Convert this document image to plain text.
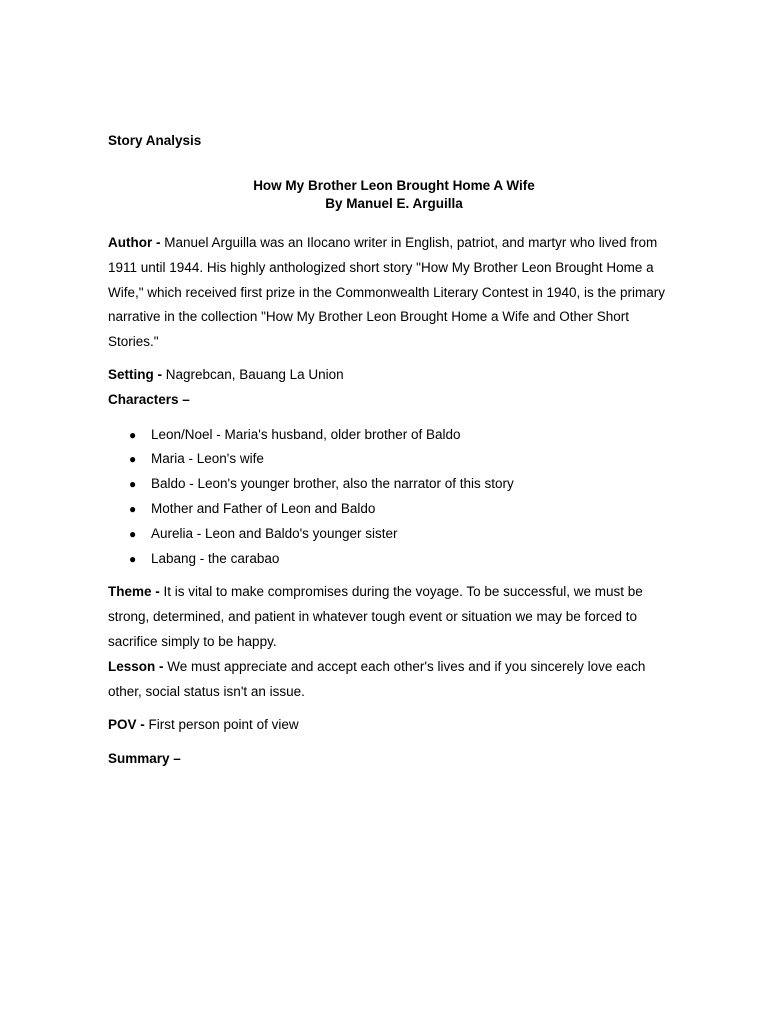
Story Analysis

How My Brother Leon Brought Home A Wife
By Manuel E. Arguilla

Author - Manuel Arguilla was an Ilocano writer in English, patriot, and martyr who lived from 1911 until 1944. His highly anthologized short story "How My Brother Leon Brought Home a Wife," which received first prize in the Commonwealth Literary Contest in 1940, is the primary narrative in the collection "How My Brother Leon Brought Home a Wife and Other Short Stories."

Setting - Nagrebcan, Bauang La Union

Characters –

● Leon/Noel - Maria's husband, older brother of Baldo
● Maria - Leon's wife
● Baldo - Leon's younger brother, also the narrator of this story
● Mother and Father of Leon and Baldo
● Aurelia - Leon and Baldo's younger sister
● Labang - the carabao

Theme - It is vital to make compromises during the voyage. To be successful, we must be strong, determined, and patient in whatever tough event or situation we may be forced to sacrifice simply to be happy.

Lesson - We must appreciate and accept each other's lives and if you sincerely love each other, social status isn't an issue.

POV - First person point of view

Summary –
